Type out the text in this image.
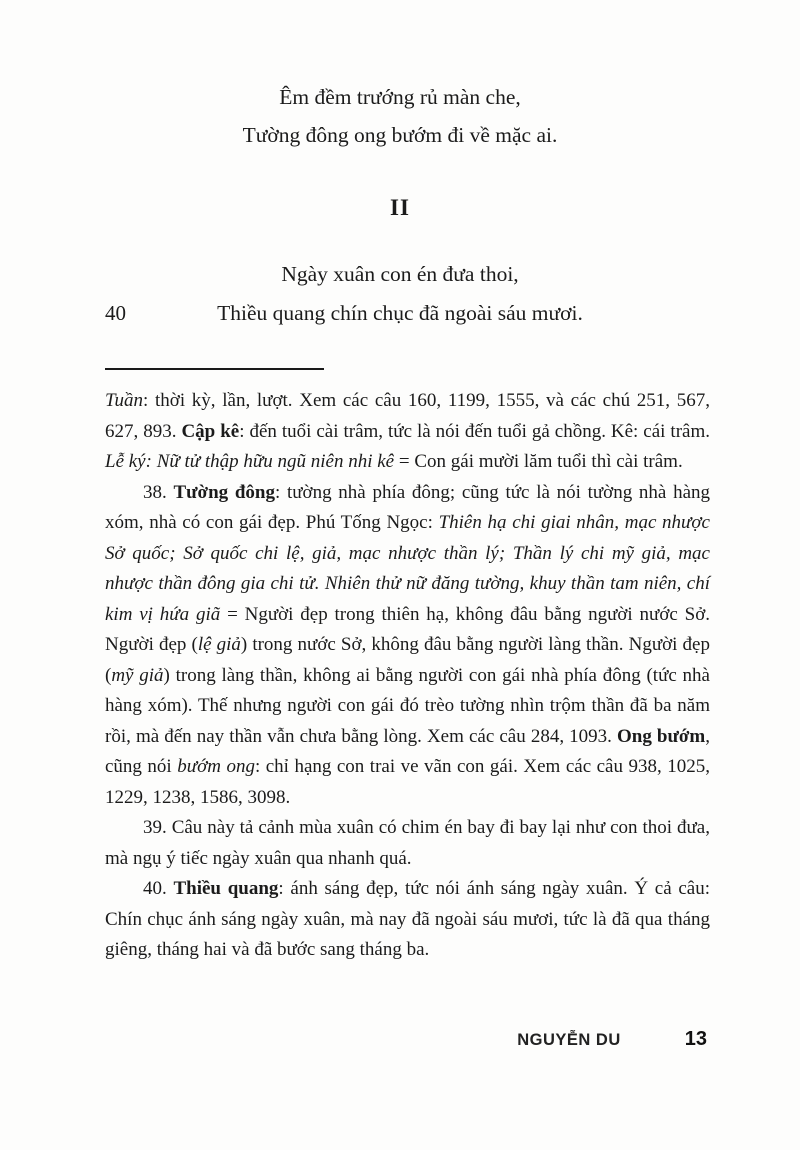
Êm đềm trướng rủ màn che,
Tường đông ong bướm đi về mặc ai.
II
Ngày xuân con én đưa thoi,
40	Thiều quang chín chục đã ngoài sáu mươi.

Tuần: thời kỳ, lần, lượt. Xem các câu 160, 1199, 1555, và các chú 251, 567, 627, 893. Cập kê: đến tuổi cài trâm, tức là nói đến tuổi gả chồng. Kê: cái trâm. Lễ ký: Nữ tử thập hữu ngũ niên nhi kê = Con gái mười lăm tuổi thì cài trâm.

38. Tường đông: tường nhà phía đông; cũng tức là nói tường nhà hàng xóm, nhà có con gái đẹp. Phú Tống Ngọc: Thiên hạ chi giai nhân, mạc nhược Sở quốc; Sở quốc chi lệ, giả, mạc nhược thần lý; Thần lý chi mỹ giả, mạc nhược thần đông gia chi tử. Nhiên thử nữ đăng tường, khuy thần tam niên, chí kim vị hứa giã = Người đẹp trong thiên hạ, không đâu bằng người nước Sở. Người đẹp (lệ giả) trong nước Sở, không đâu bằng người làng thần. Người đẹp (mỹ giả) trong làng thần, không ai bằng người con gái nhà phía đông (tức nhà hàng xóm). Thế nhưng người con gái đó trèo tường nhìn trộm thần đã ba năm rồi, mà đến nay thần vẫn chưa bằng lòng. Xem các câu 284, 1093. Ong bướm, cũng nói bướm ong: chỉ hạng con trai ve vãn con gái. Xem các câu 938, 1025, 1229, 1238, 1586, 3098.

39. Câu này tả cảnh mùa xuân có chim én bay đi bay lại như con thoi đưa, mà ngụ ý tiếc ngày xuân qua nhanh quá.

40. Thiều quang: ánh sáng đẹp, tức nói ánh sáng ngày xuân. Ý cả câu: Chín chục ánh sáng ngày xuân, mà nay đã ngoài sáu mươi, tức là đã qua tháng giêng, tháng hai và đã bước sang tháng ba.

NGUYỄN DU	13
